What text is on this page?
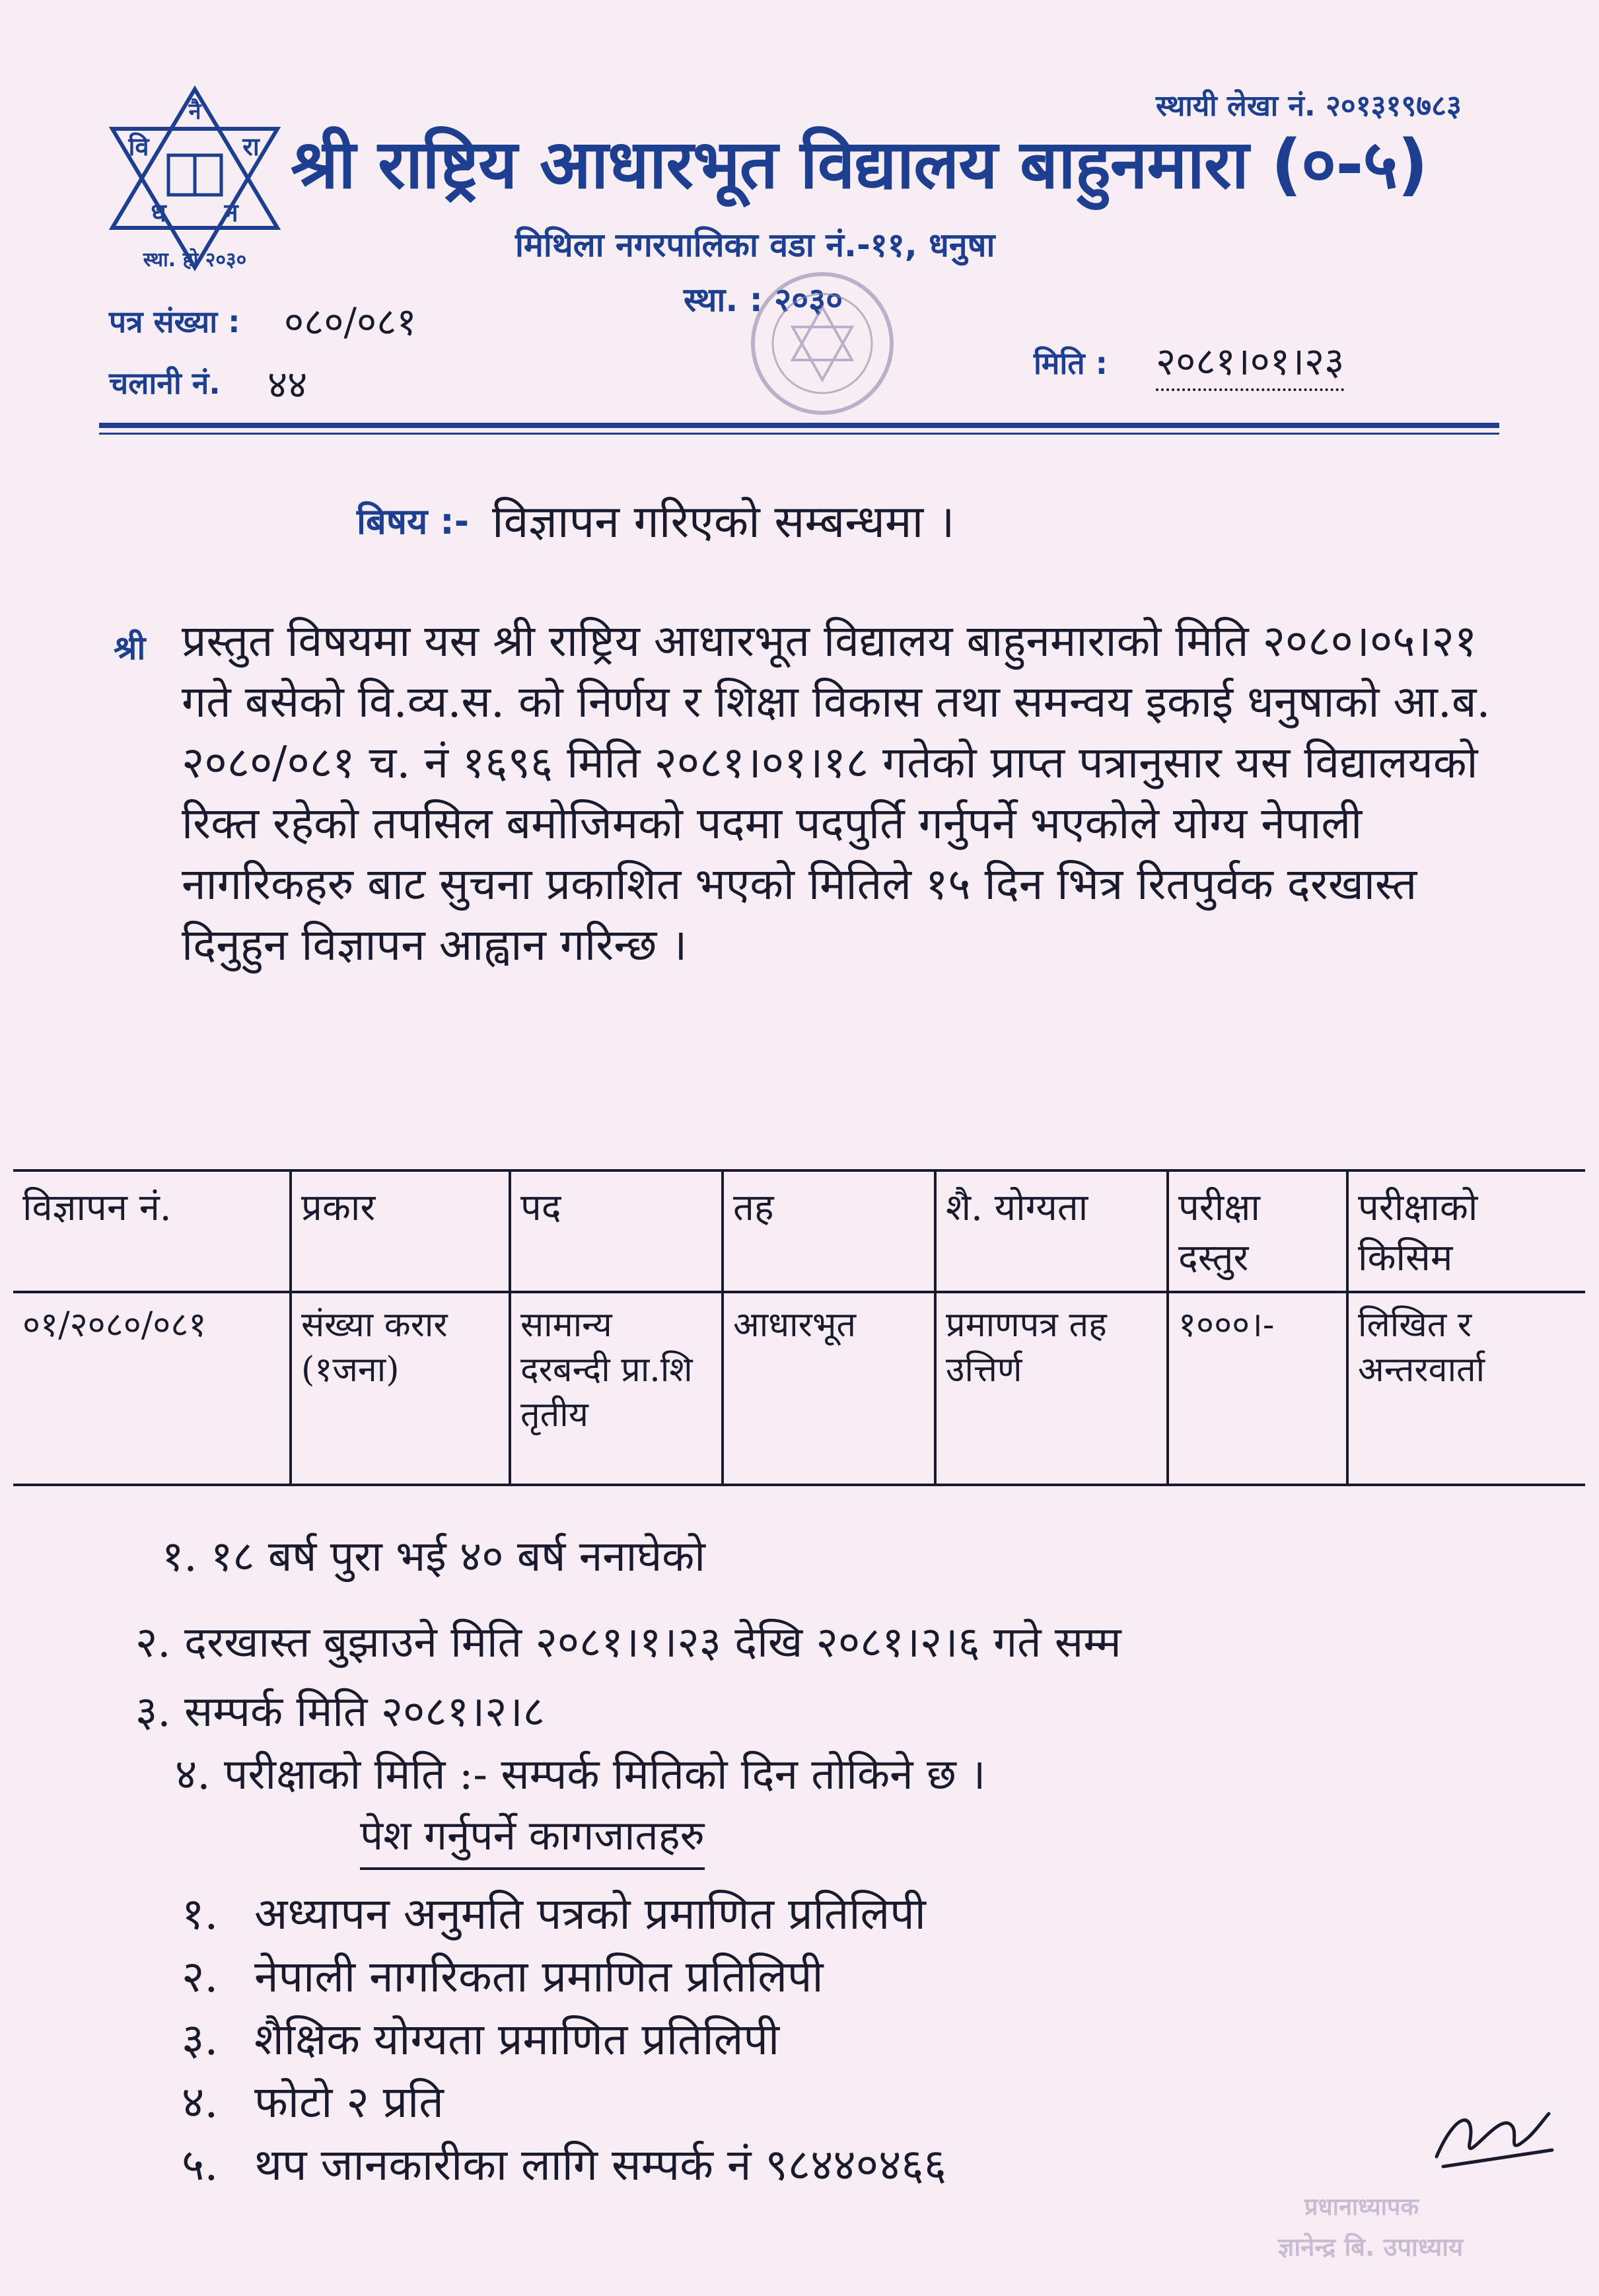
नै
वि	रा
ध न
स्था. हो २०३०
स्थायी लेखा नं. २०१३१९७८३
श्री राष्ट्रिय आधारभूत विद्यालय बाहुनमारा (०-५)
मिथिला नगरपालिका वडा नं.-११, धनुषा
स्था. : २०३०
पत्र संख्या : ०८०/०८१
चलानी नं. ४४	मिति : २०८१।०१।२३
बिषय :- विज्ञापन गरिएको सम्बन्धमा ।
श्री प्रस्तुत विषयमा यस श्री राष्ट्रिय आधारभूत विद्यालय बाहुनमाराको मिति २०८०।०५।२१ गते बसेको वि.व्य.स. को निर्णय र शिक्षा विकास तथा समन्वय इकाई धनुषाको आ.ब. २०८०/०८१ च. नं १६९६ मिति २०८१।०१।१८ गतेको प्राप्त पत्रानुसार यस विद्यालयको रिक्त रहेको तपसिल बमोजिमको पदमा पदपुर्ति गर्नुपर्ने भएकोले योग्य नेपाली नागरिकहरु बाट सुचना प्रकाशित भएको मितिले १५ दिन भित्र रितपुर्वक दरखास्त दिनुहुन विज्ञापन आह्वान गरिन्छ ।
विज्ञापन नं.	प्रकार	पद	तह	शै. योग्यता	परीक्षा दस्तुर	परीक्षाको किसिम
०१/२०८०/०८१	संख्या करार (१जना)	सामान्य दरबन्दी प्रा.शि तृतीय	आधारभूत	प्रमाणपत्र तह उत्तिर्ण	१०००।-	लिखित र अन्तरवार्ता
१. १८ बर्ष पुरा भई ४० बर्ष ननाघेको
२. दरखास्त बुझाउने मिति २०८१।१।२३ देखि २०८१।२।६ गते सम्म
३. सम्पर्क मिति २०८१।२।८
४. परीक्षाको मिति :- सम्पर्क मितिको दिन तोकिने छ ।
पेश गर्नुपर्ने कागजातहरु
१. अध्यापन अनुमति पत्रको प्रमाणित प्रतिलिपी
२. नेपाली नागरिकता प्रमाणित प्रतिलिपी
३. शैक्षिक योग्यता प्रमाणित प्रतिलिपी
४. फोटो २ प्रति
५. थप जानकारीका लागि सम्पर्क नं ९८४४०४६६
प्रधानाध्यापक
ज्ञानेन्द्र बि. उपाध्याय
